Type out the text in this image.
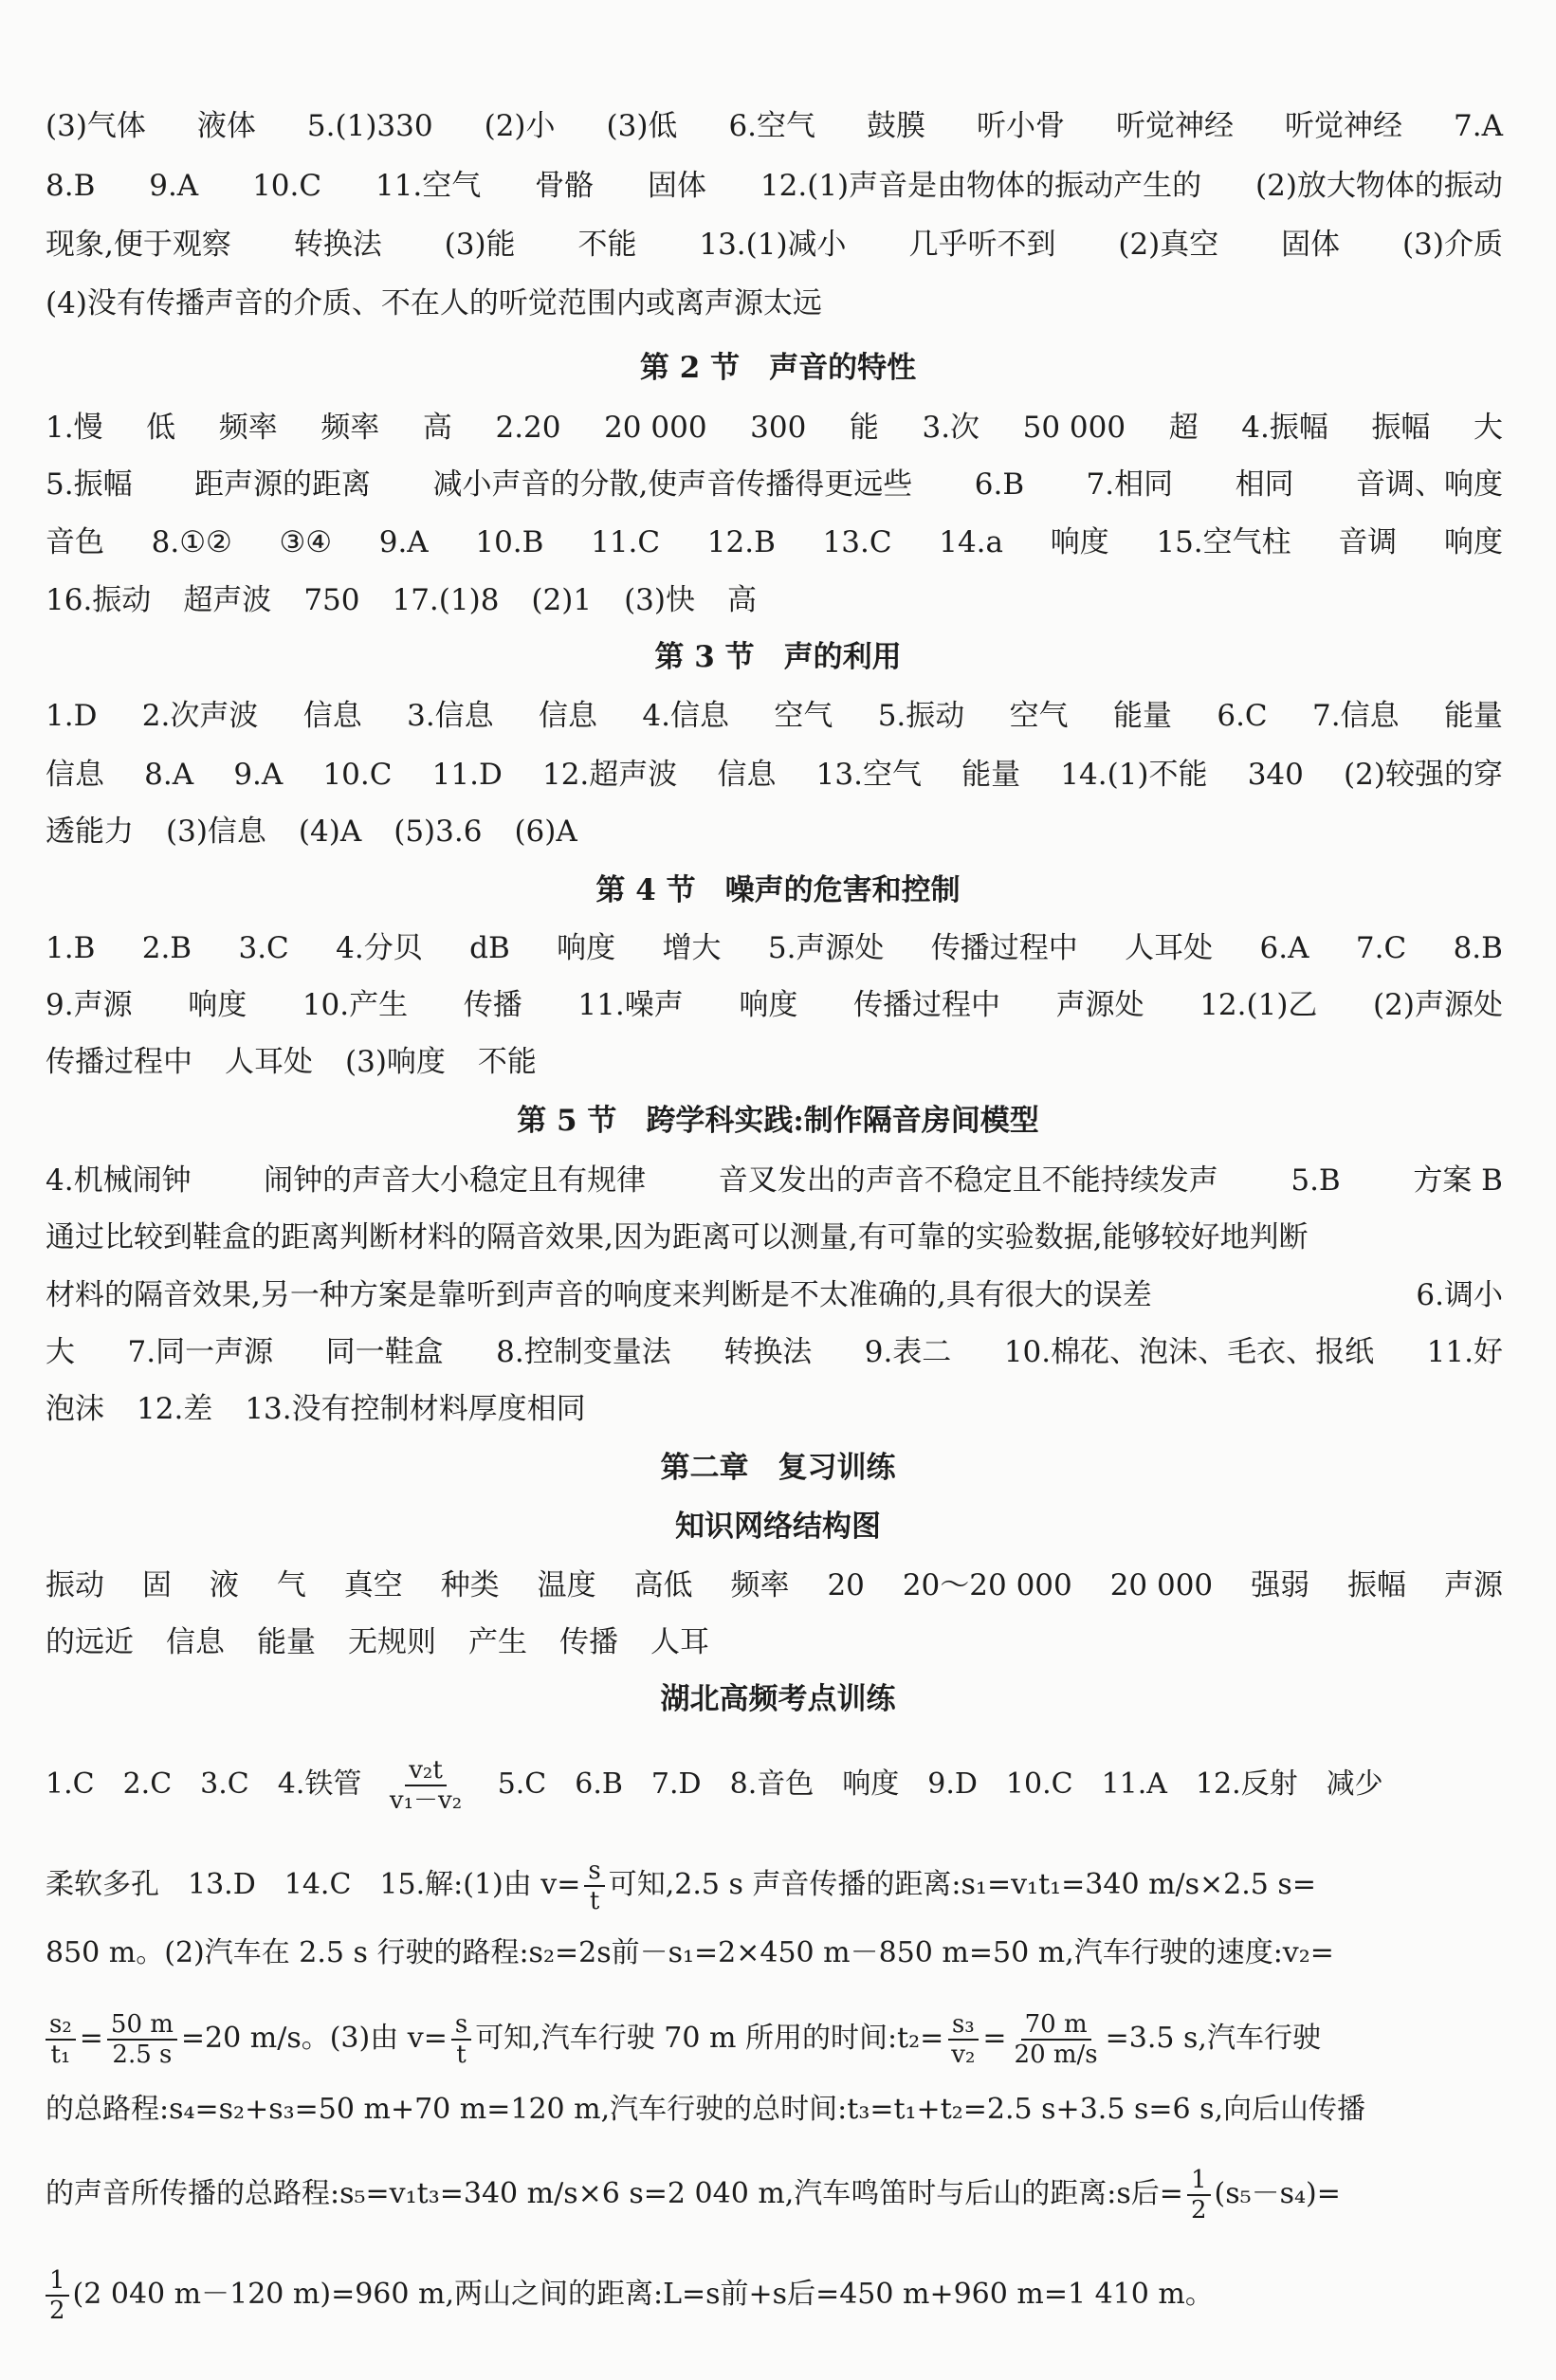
(3)气体 液体 5.(1)330 (2)小 (3)低 6.空气 鼓膜 听小骨 听觉神经 听觉神经 7.A
8.B 9.A 10.C 11.空气 骨骼 固体 12.(1)声音是由物体的振动产生的 (2)放大物体的振动
现象,便于观察 转换法 (3)能 不能 13.(1)减小 几乎听不到 (2)真空 固体 (3)介质
(4)没有传播声音的介质、不在人的听觉范围内或离声源太远
第 2 节　声音的特性
1.慢 低 频率 频率 高 2.20 20 000 300 能 3.次 50 000 超 4.振幅 振幅 大
5.振幅 距声源的距离 减小声音的分散,使声音传播得更远些 6.B 7.相同 相同 音调、响度
音色 8.①② ③④ 9.A 10.B 11.C 12.B 13.C 14.a 响度 15.空气柱 音调 响度
16.振动 超声波 750 17.(1)8 (2)1 (3)快 高
第 3 节　声的利用
1.D 2.次声波 信息 3.信息 信息 4.信息 空气 5.振动 空气 能量 6.C 7.信息 能量
信息 8.A 9.A 10.C 11.D 12.超声波 信息 13.空气 能量 14.(1)不能 340 (2)较强的穿
透能力 (3)信息 (4)A (5)3.6 (6)A
第 4 节　噪声的危害和控制
1.B 2.B 3.C 4.分贝 dB 响度 增大 5.声源处 传播过程中 人耳处 6.A 7.C 8.B
9.声源 响度 10.产生 传播 11.噪声 响度 传播过程中 声源处 12.(1)乙 (2)声源处
传播过程中 人耳处 (3)响度 不能
第 5 节　跨学科实践:制作隔音房间模型
4.机械闹钟 闹钟的声音大小稳定且有规律 音叉发出的声音不稳定且不能持续发声 5.B 方案 B
通过比较到鞋盒的距离判断材料的隔音效果,因为距离可以测量,有可靠的实验数据,能够较好地判断
材料的隔音效果,另一种方案是靠听到声音的响度来判断是不太准确的,具有很大的误差	6.调小
大 7.同一声源 同一鞋盒 8.控制变量法 转换法 9.表二 10.棉花、泡沫、毛衣、报纸 11.好
泡沫 12.差 13.没有控制材料厚度相同
第二章　复习训练
知识网络结构图
振动 固 液 气 真空 种类 温度 高低 频率 20 20～20 000 20 000 强弱 振幅 声源
的远近 信息 能量 无规则 产生 传播 人耳
湖北高频考点训练
1.C　2.C　3.C　4.铁管 $\frac{\text{v₂t}}{\text{v₁－v₂}} 5.C$　6.B　7.D　8.音色　响度　9.D　10.C　11.A　12.反射　减少
柔软多孔　13.D　14.C　15.解:(1)由 $v= \frac{s}{t}$ 可知,2.5 s 声音传播的距离:s₁=v₁t₁=340 m/s×2.5 s=
850 m。(2)汽车在 2.5 s 行驶的路程:s₂=2s前－s₁=2×450 m－850 m=50 m,汽车行驶的速度:v₂=
$\frac{\text{s₂}}{\text{t₁}} = \frac{50 m}{2.5 s} =20$ m/s。(3)由 $v= \frac{s}{t}$ 可知,汽车行驶 70 m 所用的时间:t₂= $\frac{\text{s₃}}{\text{v₂}} = \frac{70 m}{20 m/s} =3.5$ s,汽车行驶
的总路程:s₄=s₂+s₃=50 m+70 m=120 m,汽车行驶的总时间:t₃=t₁+t₂=2.5 s+3.5 s=6 s,向后山传播
的声音所传播的总路程:s₅=v₁t₃=340 m/s×6 s=2 040 m,汽车鸣笛时与后山的距离:s后= $\frac{1}{2} (s_5-s_4)=$
$\frac{1}{2} (2$ 040 m－120 m)=960 m,两山之间的距离:L=s前+s后=450 m+960 m=1 410 m。
